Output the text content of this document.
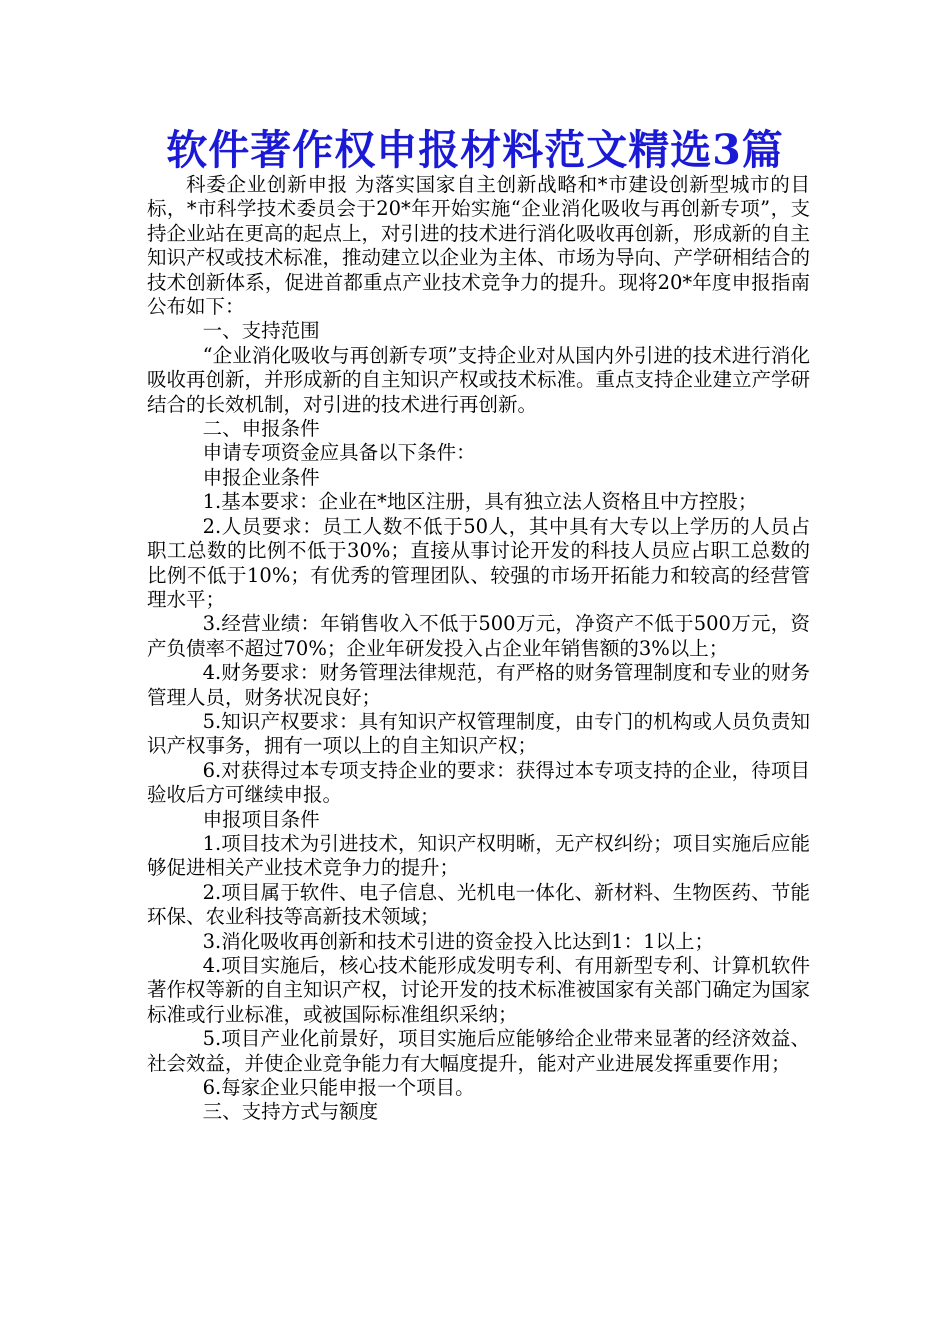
软件著作权申报材料范文精选3篇

科委企业创新申报 为落实国家自主创新战略和*市建设创新型城市的目标，*市科学技术委员会于20*年开始实施“企业消化吸收与再创新专项”，支持企业站在更高的起点上，对引进的技术进行消化吸收再创新，形成新的自主知识产权或技术标准，推动建立以企业为主体、市场为导向、产学研相结合的技术创新体系，促进首都重点产业技术竞争力的提升。现将20*年度申报指南公布如下：

一、支持范围

“企业消化吸收与再创新专项”支持企业对从国内外引进的技术进行消化吸收再创新，并形成新的自主知识产权或技术标准。重点支持企业建立产学研结合的长效机制，对引进的技术进行再创新。

二、申报条件

申请专项资金应具备以下条件：

申报企业条件

1.基本要求：企业在*地区注册，具有独立法人资格且中方控股；

2.人员要求：员工人数不低于50人，其中具有大专以上学历的人员占职工总数的比例不低于30%；直接从事讨论开发的科技人员应占职工总数的比例不低于10%；有优秀的管理团队、较强的市场开拓能力和较高的经营管理水平；

3.经营业绩：年销售收入不低于500万元，净资产不低于500万元，资产负债率不超过70%；企业年研发投入占企业年销售额的3%以上；

4.财务要求：财务管理法律规范，有严格的财务管理制度和专业的财务管理人员，财务状况良好；

5.知识产权要求：具有知识产权管理制度，由专门的机构或人员负责知识产权事务，拥有一项以上的自主知识产权；

6.对获得过本专项支持企业的要求：获得过本专项支持的企业，待项目验收后方可继续申报。

申报项目条件

1.项目技术为引进技术，知识产权明晰，无产权纠纷；项目实施后应能够促进相关产业技术竞争力的提升；

2.项目属于软件、电子信息、光机电一体化、新材料、生物医药、节能环保、农业科技等高新技术领域；

3.消化吸收再创新和技术引进的资金投入比达到1：1以上；

4.项目实施后，核心技术能形成发明专利、有用新型专利、计算机软件著作权等新的自主知识产权，讨论开发的技术标准被国家有关部门确定为国家标准或行业标准，或被国际标准组织采纳；

5.项目产业化前景好，项目实施后应能够给企业带来显著的经济效益、社会效益，并使企业竞争能力有大幅度提升，能对产业进展发挥重要作用；

6.每家企业只能申报一个项目。

三、支持方式与额度
